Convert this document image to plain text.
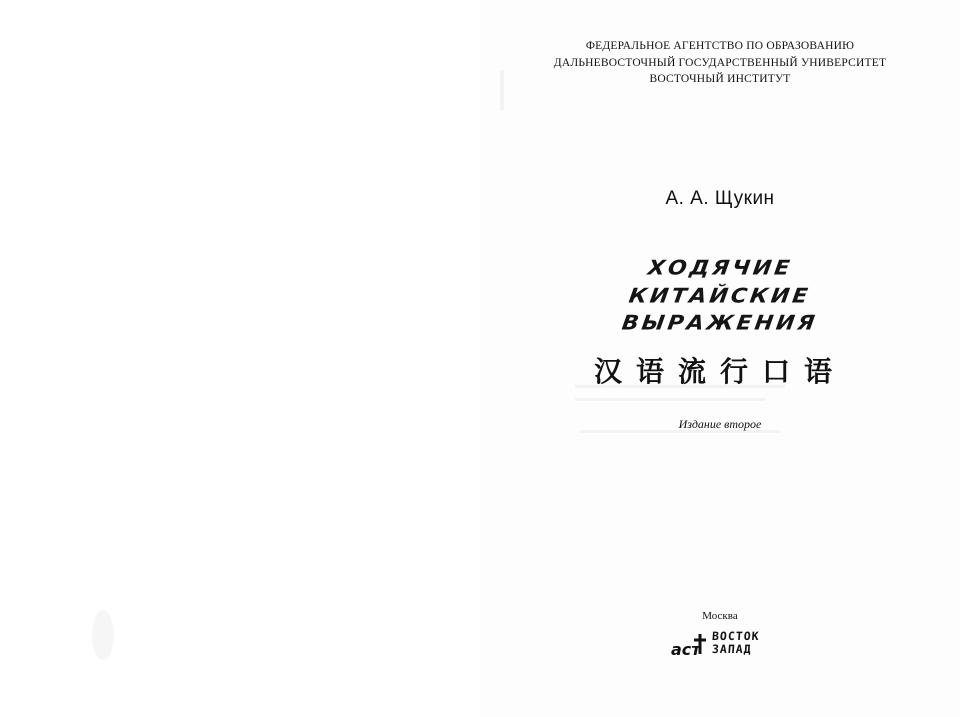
ФЕДЕРАЛЬНОЕ АГЕНТСТВО ПО ОБРАЗОВАНИЮ
ДАЛЬНЕВОСТОЧНЫЙ ГОСУДАРСТВЕННЫЙ УНИВЕРСИТЕТ
ВОСТОЧНЫЙ ИНСТИТУТ
А. А. Щукин
ХОДЯЧИЕ
КИТАЙСКИЕ
ВЫРАЖЕНИЯ
汉语流行口语
Издание второе
Москва
аст
ВОСТОК
ЗАПАД
